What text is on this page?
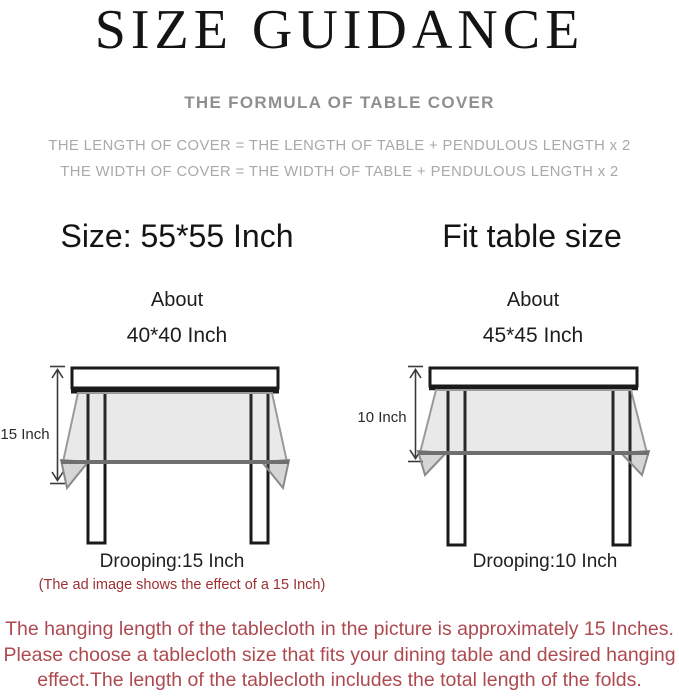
SIZE GUIDANCE
THE FORMULA OF TABLE COVER
THE LENGTH OF COVER = THE LENGTH OF TABLE + PENDULOUS LENGTH x 2
THE WIDTH OF COVER = THE WIDTH OF TABLE + PENDULOUS LENGTH x 2
Size: 55*55 Inch	Fit table size
About	About
40*40 Inch	45*45 Inch
15 Inch
10 Inch
Drooping:15 Inch	Drooping:10 Inch
(The ad image shows the effect of a 15 Inch)
The hanging length of the tablecloth in the picture is approximately 15 Inches.
Please choose a tablecloth size that fits your dining table and desired hanging
effect.The length of the tablecloth includes the total length of the folds.
